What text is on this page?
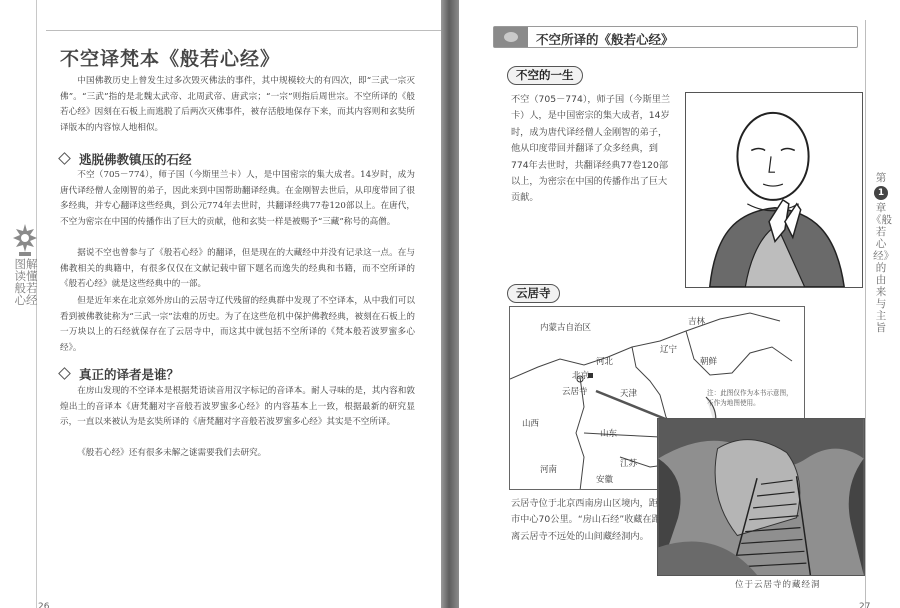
图解读懂般若心经
不空译梵本《般若心经》

中国佛教历史上曾发生过多次毁灭佛法的事件，其中规模较大的有四次，即“三武一宗灭佛”。“三武”指的是北魏太武帝、北周武帝、唐武宗；“一宗”则指后周世宗。不空所译的《般若心经》因刻在石板上而逃脱了后两次灭佛事件，被存活般地保存下来，而其内容则和玄奘所译版本的内容惊人地相似。

逃脱佛教镇压的石经

不空（705－774），师子国（今斯里兰卡）人，是中国密宗的集大成者。14岁时，成为唐代译经僧人金刚智的弟子，因此来到中国帮助翻译经典。在金刚智去世后，从印度带回了很多经典，并专心翻译这些经典，到公元774年去世时，共翻译经典77卷120部以上。在唐代，不空为密宗在中国的传播作出了巨大的贡献，他和玄奘一样是被赐予“三藏”称号的高僧。

据说不空也曾参与了《般若心经》的翻译，但是现在的大藏经中并没有记录这一点。在与佛教相关的典籍中，有很多仅仅在文献记载中留下题名而逸失的经典和书籍，而不空所译的《般若心经》就是这些经典中的一部。

但是近年来在北京郊外房山的云居寺辽代残留的经典群中发现了不空译本，从中我们可以看到被佛教徒称为“三武一宗”法难的历史。为了在这些危机中保护佛教经典，被刻在石板上的一万块以上的石经就保存在了云居寺中，而这其中就包括不空所译的《梵本般若波罗蜜多心经》。

真正的译者是谁？

在房山发现的不空译本是根据梵语读音用汉字标记的音译本。耐人寻味的是，其内容和敦煌出土的音译本《唐梵翻对字音般若波罗蜜多心经》的内容基本上一致，根据最新的研究显示，一直以来被认为是玄奘所译的《唐梵翻对字音般若波罗蜜多心经》其实是不空所译。

《般若心经》还有很多未解之谜需要我们去研究。

26
不空所译的《般若心经》
第
1
章 《般若心经》的由来与主旨
不空的一生

不空（705－774），师子国（今斯里兰卡）人，是中国密宗的集大成者，14岁时，成为唐代译经僧人金刚智的弟子，他从印度带回并翻译了众多经典，到774年去世时，共翻译经典77卷120部以上，为密宗在中国的传播作出了巨大贡献。

云居寺
内蒙古自治区
吉林
辽宁
朝鲜
河北
北京
云居寺	天津
山西
山东
河南
江苏
安徽

注：此图仅作为本书示意图，不作为地图使用。

位于云居寺的藏经洞

云居寺位于北京西南房山区境内，距市中心70公里。“房山石经”收藏在距离云居寺不远处的山间藏经洞内。

27
